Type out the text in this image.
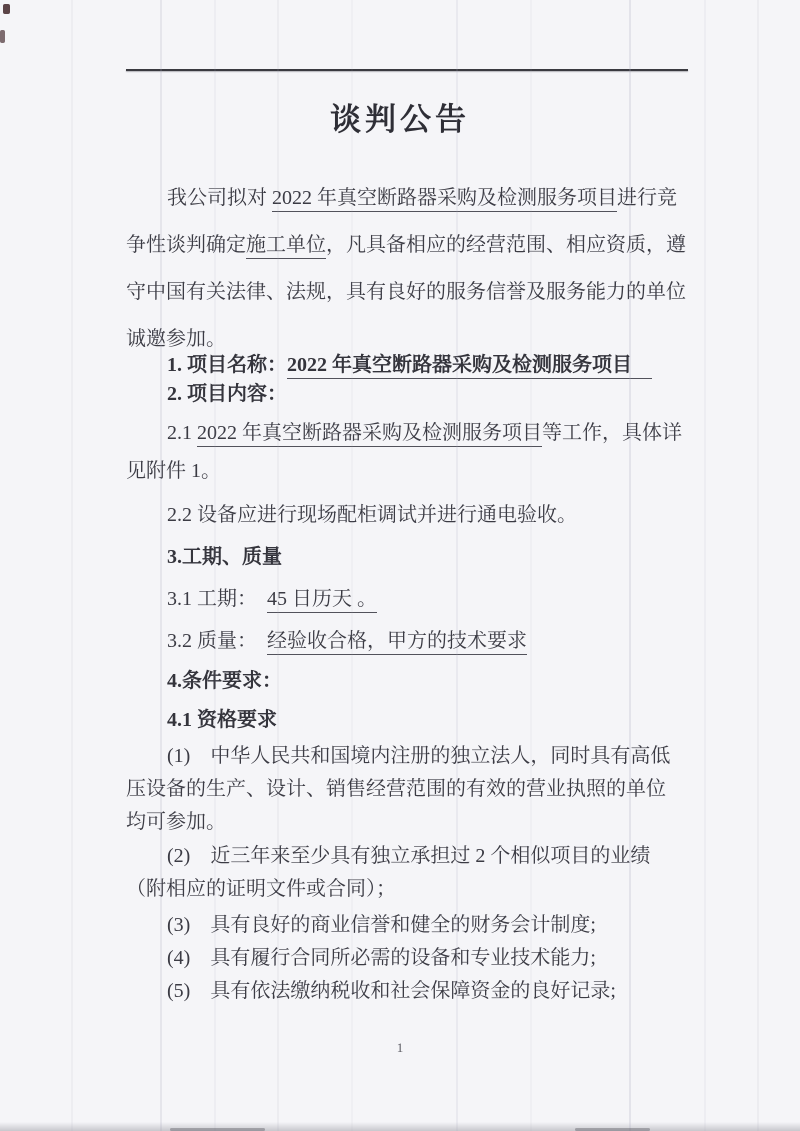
谈判公告
我公司拟对 2022 年真空断路器采购及检测服务项目进行竞
争性谈判确定施工单位，凡具备相应的经营范围、相应资质，遵
守中国有关法律、法规，具有良好的服务信誉及服务能力的单位
诚邀参加。
1. 项目名称：2022 年真空断路器采购及检测服务项目　
2. 项目内容：
2.1 2022 年真空断路器采购及检测服务项目等工作，具体详
见附件 1。
2.2 设备应进行现场配柜调试并进行通电验收。
3.工期、质量
3.1 工期：　45 日历天 。
3.2 质量：　经验收合格，甲方的技术要求
4.条件要求：
4.1 资格要求
(1)　中华人民共和国境内注册的独立法人，同时具有高低
压设备的生产、设计、销售经营范围的有效的营业执照的单位
均可参加。
(2)　近三年来至少具有独立承担过 2 个相似项目的业绩
（附相应的证明文件或合同）；
(3)　具有良好的商业信誉和健全的财务会计制度;
(4)　具有履行合同所必需的设备和专业技术能力;
(5)　具有依法缴纳税收和社会保障资金的良好记录;
1
